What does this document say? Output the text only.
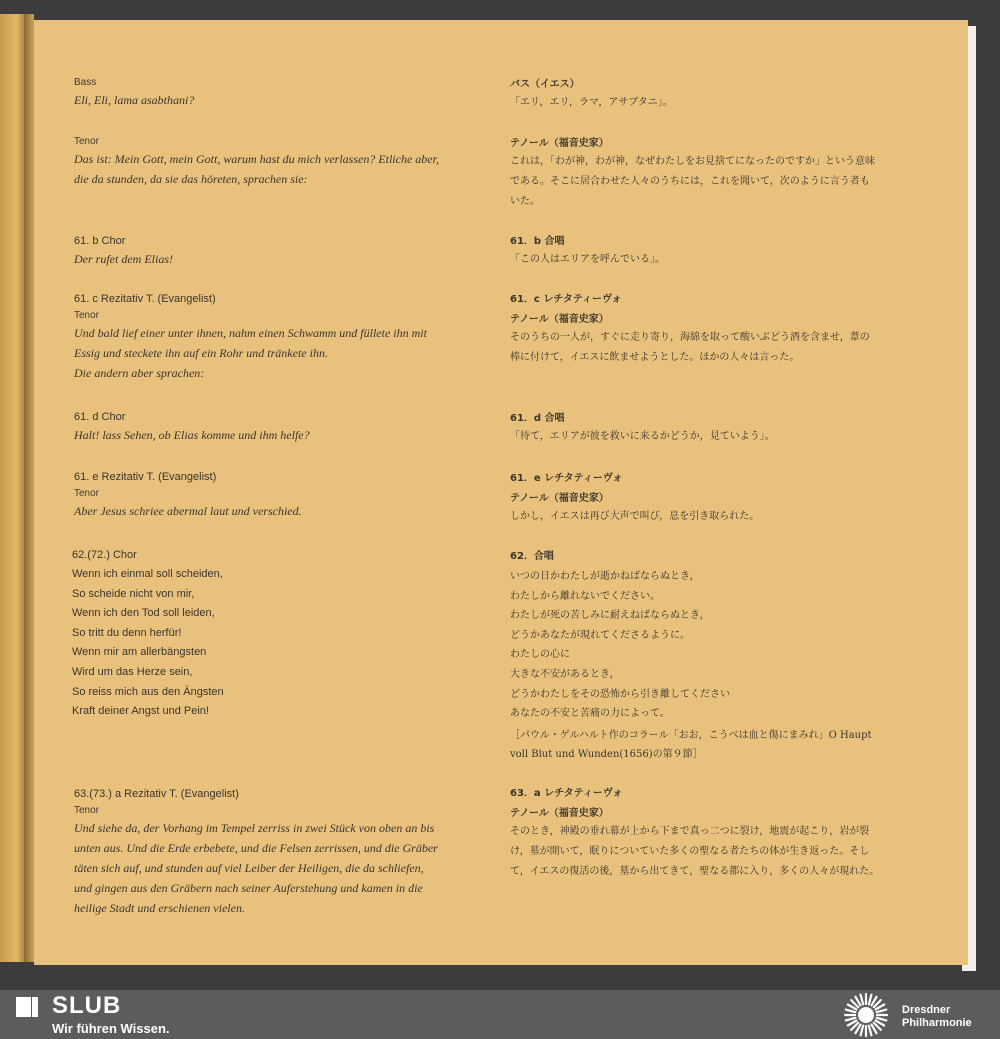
Bass
Eli, Eli, lama asabthani?
Tenor
Das ist: Mein Gott, mein Gott, warum hast du mich verlassen? Etliche aber,
die da stunden, da sie das höreten, sprachen sie:
61. b Chor
Der rufet dem Elias!
61. c Rezitativ T. (Evangelist)
Tenor
Und bald lief einer unter ihnen, nahm einen Schwamm und füllete ihn mit
Essig und steckete ihn auf ein Rohr und tränkete ihn.
Die andern aber sprachen:
61. d Chor
Halt! lass Sehen, ob Elias komme und ihm helfe?
61. e Rezitativ T. (Evangelist)
Tenor
Aber Jesus schriee abermal laut und verschied.
62.(72.) Chor
Wenn ich einmal soll scheiden,
So scheide nicht von mir,
Wenn ich den Tod soll leiden,
So tritt du denn herfür!
Wenn mir am allerbängsten
Wird um das Herze sein,
So reiss mich aus den Ängsten
Kraft deiner Angst und Pein!
63.(73.) a Rezitativ T. (Evangelist)
Tenor
Und siehe da, der Vorhang im Tempel zerriss in zwei Stück von oben an bis
unten aus. Und die Erde erbebete, und die Felsen zerrissen, und die Gräber
täten sich auf, und stunden auf viel Leiber der Heiligen, die da schliefen,
und gingen aus den Gräbern nach seiner Auferstehung und kamen in die
heilige Stadt und erschienen vielen.
バス（イエス）
「エリ，エリ，ラマ，アサブタニ」。
テノール（福音史家）
これは，「わが神，わが神，なぜわたしをお見捨てになったのですか」という意味
である。そこに居合わせた人々のうちには，これを聞いて，次のように言う者も
いた。
61．b 合唱
「この人はエリアを呼んでいる」。
61．c レチタティーヴォ
テノール（福音史家）
そのうちの一人が，すぐに走り寄り，海綿を取って酸いぶどう酒を含ませ，葦の
棒に付けて，イエスに飲ませようとした。ほかの人々は言った。
61．d 合唱
「待て，エリアが彼を救いに来るかどうか，見ていよう」。
61．e レチタティーヴォ
テノール（福音史家）
しかし，イエスは再び大声で叫び，息を引き取られた。
62．合唱
いつの日かわたしが逝かねばならぬとき，
わたしから離れないでください。
わたしが死の苦しみに耐えねばならぬとき，
どうかあなたが現れてくださるように。
わたしの心に
大きな不安があるとき，
どうかわたしをその恐怖から引き離してください
あなたの不安と苦痛の力によって。
［パウル・ゲルハルト作のコラール「おお，こうべは血と傷にまみれ」O Haupt
voll Blut und Wunden(1656)の第９節］
63．a レチタティーヴォ
テノール（福音史家）
そのとき，神殿の垂れ幕が上から下まで真っ二つに裂け，地震が起こり，岩が裂
け，墓が開いて，眠りについていた多くの聖なる者たちの体が生き返った。そし
て，イエスの復活の後，墓から出てきて，聖なる都に入り，多くの人々が現れた。
SLUB
Wir führen Wissen.
Dresdner
Philharmonie
